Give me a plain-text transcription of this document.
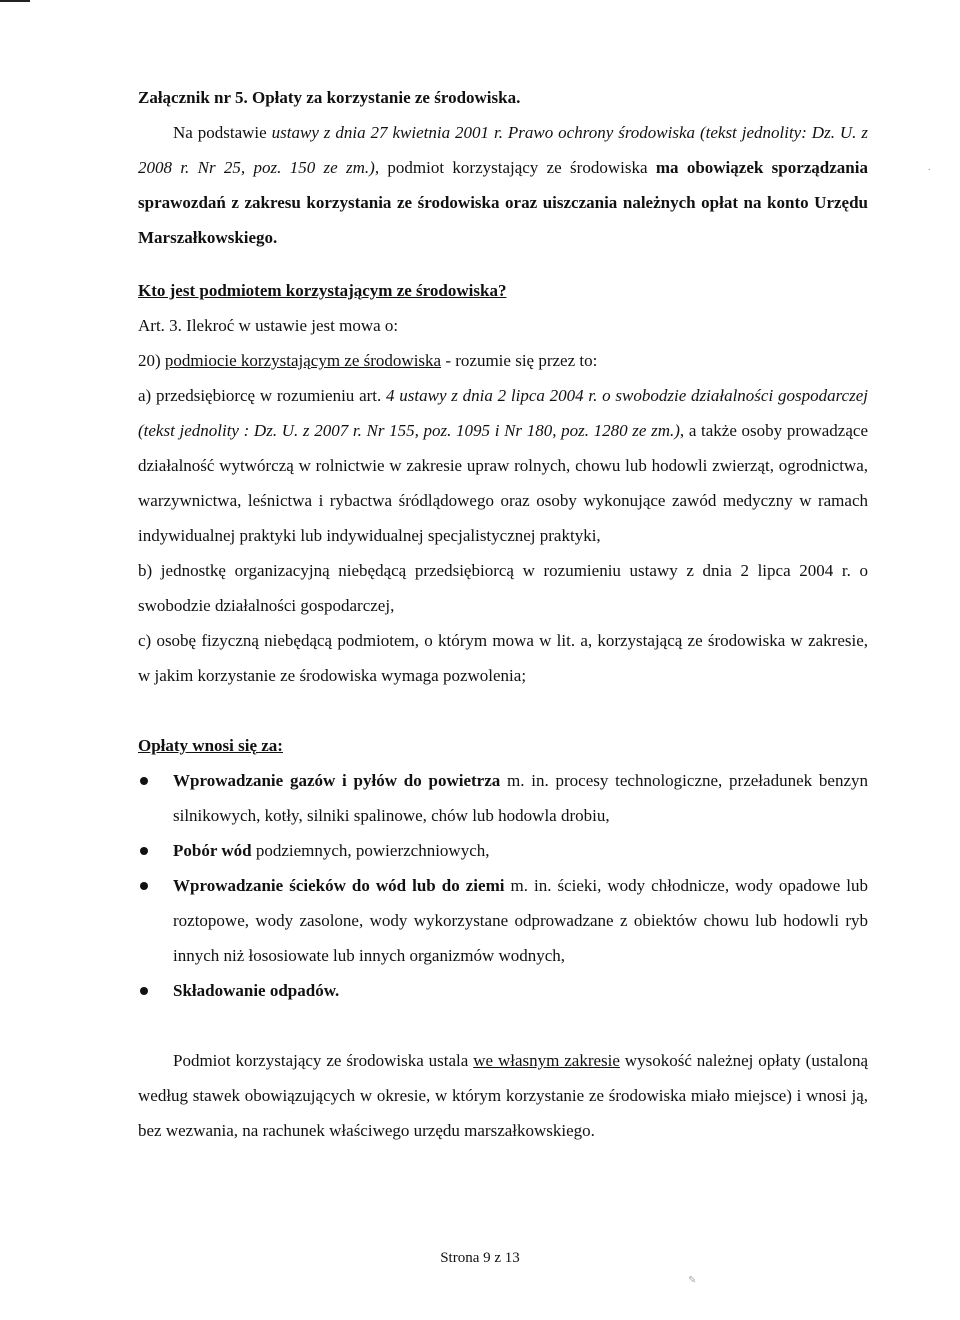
.

Załącznik nr 5. Opłaty za korzystanie ze środowiska.

Na podstawie ustawy z dnia 27 kwietnia 2001 r. Prawo ochrony środowiska (tekst jednolity: Dz. U. z 2008 r. Nr 25, poz. 150 ze zm.), podmiot korzystający ze środowiska ma obowiązek sporządzania sprawozdań z zakresu korzystania ze środowiska oraz uiszczania należnych opłat na konto Urzędu Marszałkowskiego.

Kto jest podmiotem korzystającym ze środowiska?

Art. 3. Ilekroć w ustawie jest mowa o:

20) podmiocie korzystającym ze środowiska - rozumie się przez to:

a) przedsiębiorcę w rozumieniu art. 4 ustawy z dnia 2 lipca 2004 r. o swobodzie działalności gospodarczej (tekst jednolity : Dz. U. z 2007 r. Nr 155, poz. 1095 i Nr 180, poz. 1280 ze zm.), a także osoby prowadzące działalność wytwórczą w rolnictwie w zakresie upraw rolnych, chowu lub hodowli zwierząt, ogrodnictwa, warzywnictwa, leśnictwa i rybactwa śródlądowego oraz osoby wykonujące zawód medyczny w ramach indywidualnej praktyki lub indywidualnej specjalistycznej praktyki,

b) jednostkę organizacyjną niebędącą przedsiębiorcą w rozumieniu ustawy z dnia 2 lipca 2004 r. o swobodzie działalności gospodarczej,

c) osobę fizyczną niebędącą podmiotem, o którym mowa w lit. a, korzystającą ze środowiska w zakresie, w jakim korzystanie ze środowiska wymaga pozwolenia;

Opłaty wnosi się za:

Wprowadzanie gazów i pyłów do powietrza m. in. procesy technologiczne, przeładunek benzyn silnikowych, kotły, silniki spalinowe, chów lub hodowla drobiu,
Pobór wód podziemnych, powierzchniowych,
Wprowadzanie ścieków do wód lub do ziemi m. in. ścieki, wody chłodnicze, wody opadowe lub roztopowe, wody zasolone, wody wykorzystane odprowadzane z obiektów chowu lub hodowli ryb innych niż łososiowate lub innych organizmów wodnych,
Składowanie odpadów.

Podmiot korzystający ze środowiska ustala we własnym zakresie wysokość należnej opłaty (ustaloną według stawek obowiązujących w okresie, w którym korzystanie ze środowiska miało miejsce) i wnosi ją, bez wezwania, na rachunek właściwego urzędu marszałkowskiego.

Strona 9 z 13
✎
